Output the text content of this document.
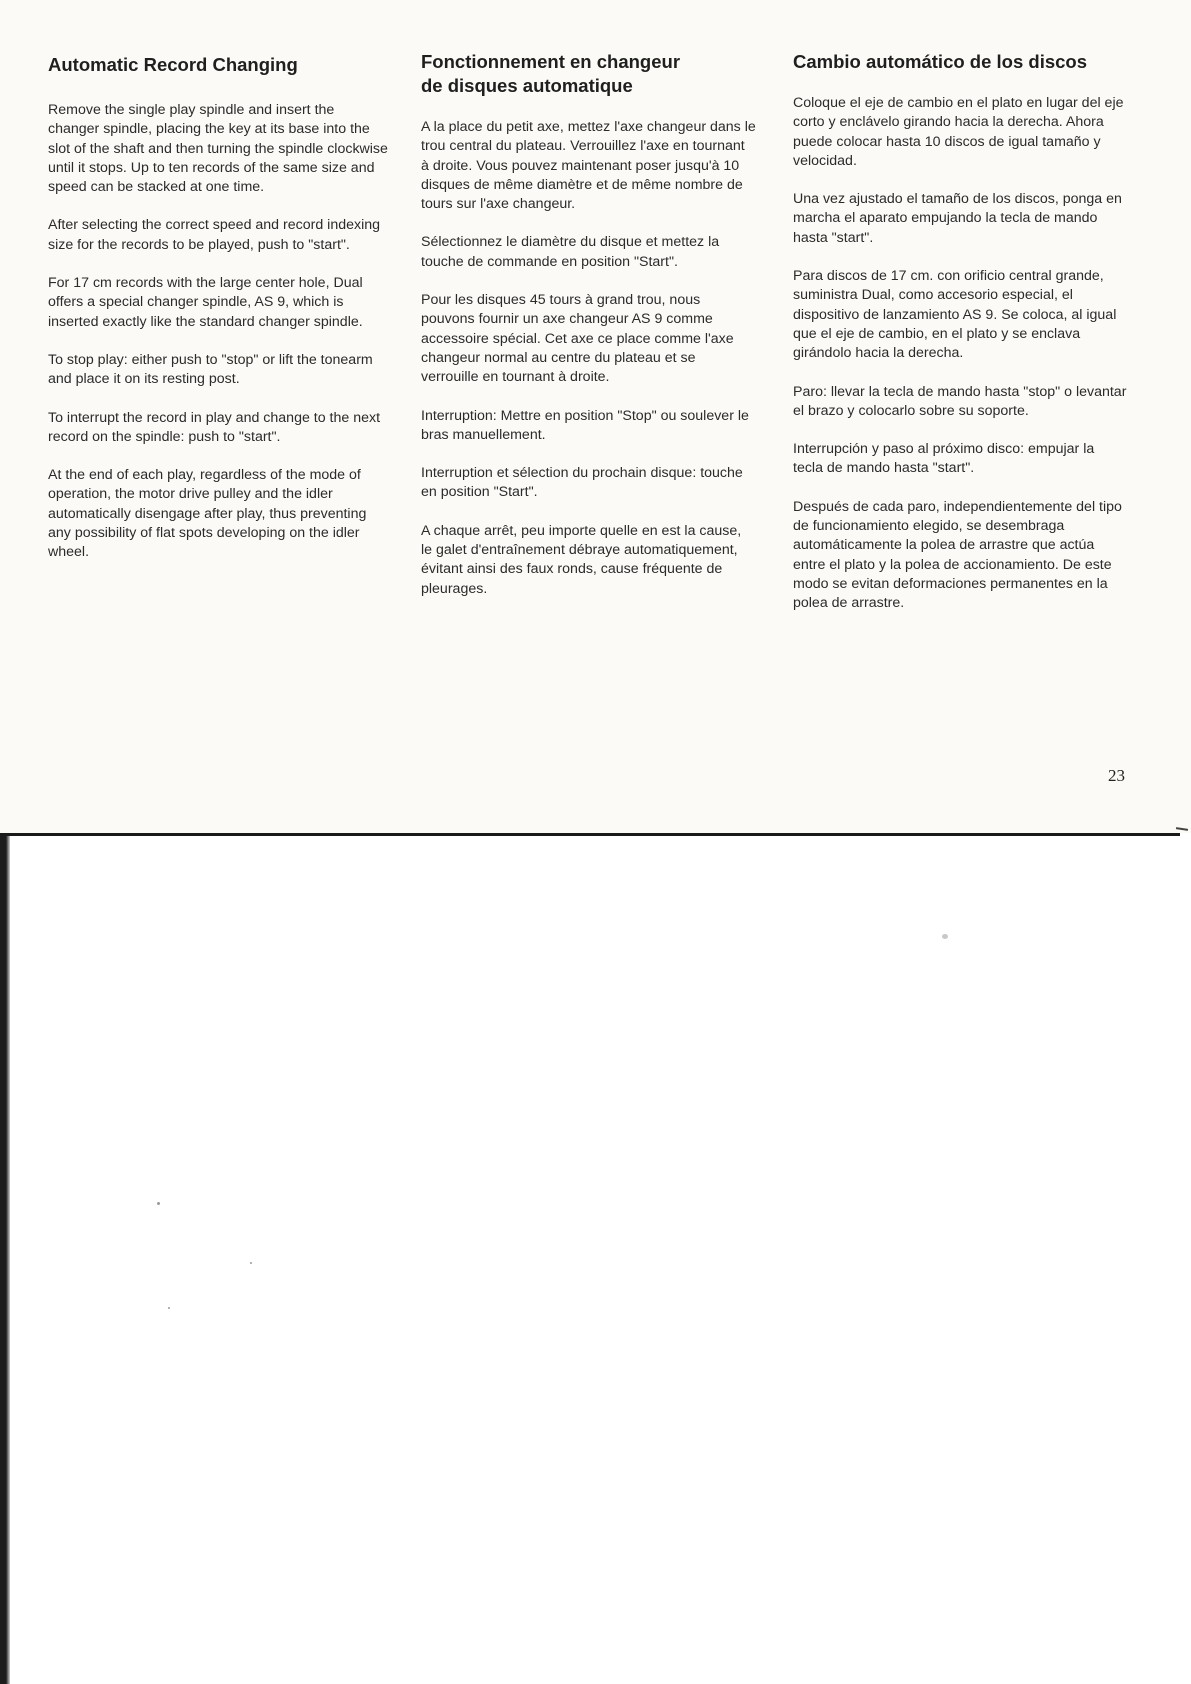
Automatic Record Changing

Remove the single play spindle and insert the changer spindle, placing the key at its base into the slot of the shaft and then turning the spindle clockwise until it stops. Up to ten records of the same size and speed can be stacked at one time.

After selecting the correct speed and record indexing size for the records to be played, push to "start".

For 17 cm records with the large center hole, Dual offers a special changer spindle, AS 9, which is inserted exactly like the standard changer spindle.

To stop play: either push to "stop" or lift the tonearm and place it on its resting post.

To interrupt the record in play and change to the next record on the spindle: push to "start".

At the end of each play, regardless of the mode of operation, the motor drive pulley and the idler automatically disengage after play, thus preventing any possibility of flat spots developing on the idler wheel.

Fonctionnement en changeur
de disques automatique

A la place du petit axe, mettez l'axe changeur dans le trou central du plateau. Verrouillez l'axe en tournant à droite. Vous pouvez maintenant poser jusqu'à 10 disques de même diamètre et de même nombre de tours sur l'axe changeur.

Sélectionnez le diamètre du disque et mettez la touche de commande en position "Start".

Pour les disques 45 tours à grand trou, nous pouvons fournir un axe changeur AS 9 comme accessoire spécial. Cet axe ce place comme l'axe changeur normal au centre du plateau et se verrouille en tournant à droite.

Interruption: Mettre en position "Stop" ou soulever le bras manuellement.

Interruption et sélection du prochain disque: touche en position "Start".

A chaque arrêt, peu importe quelle en est la cause, le galet d'entraînement débraye automatiquement, évitant ainsi des faux ronds, cause fréquente de pleurages.

Cambio automático de los discos

Coloque el eje de cambio en el plato en lugar del eje corto y enclávelo girando hacia la derecha. Ahora puede colocar hasta 10 discos de igual tamaño y velocidad.

Una vez ajustado el tamaño de los discos, ponga en marcha el aparato empujando la tecla de mando hasta "start".

Para discos de 17 cm. con orificio central grande, suministra Dual, como accesorio especial, el dispositivo de lanzamiento AS 9. Se coloca, al igual que el eje de cambio, en el plato y se enclava girándolo hacia la derecha.

Paro: llevar la tecla de mando hasta "stop" o levantar el brazo y colocarlo sobre su soporte.

Interrupción y paso al próximo disco: empujar la tecla de mando hasta "start".

Después de cada paro, independientemente del tipo de funcionamiento elegido, se desembraga automáticamente la polea de arrastre que actúa entre el plato y la polea de accionamiento. De este modo se evitan deformaciones permanentes en la polea de arrastre.

23
